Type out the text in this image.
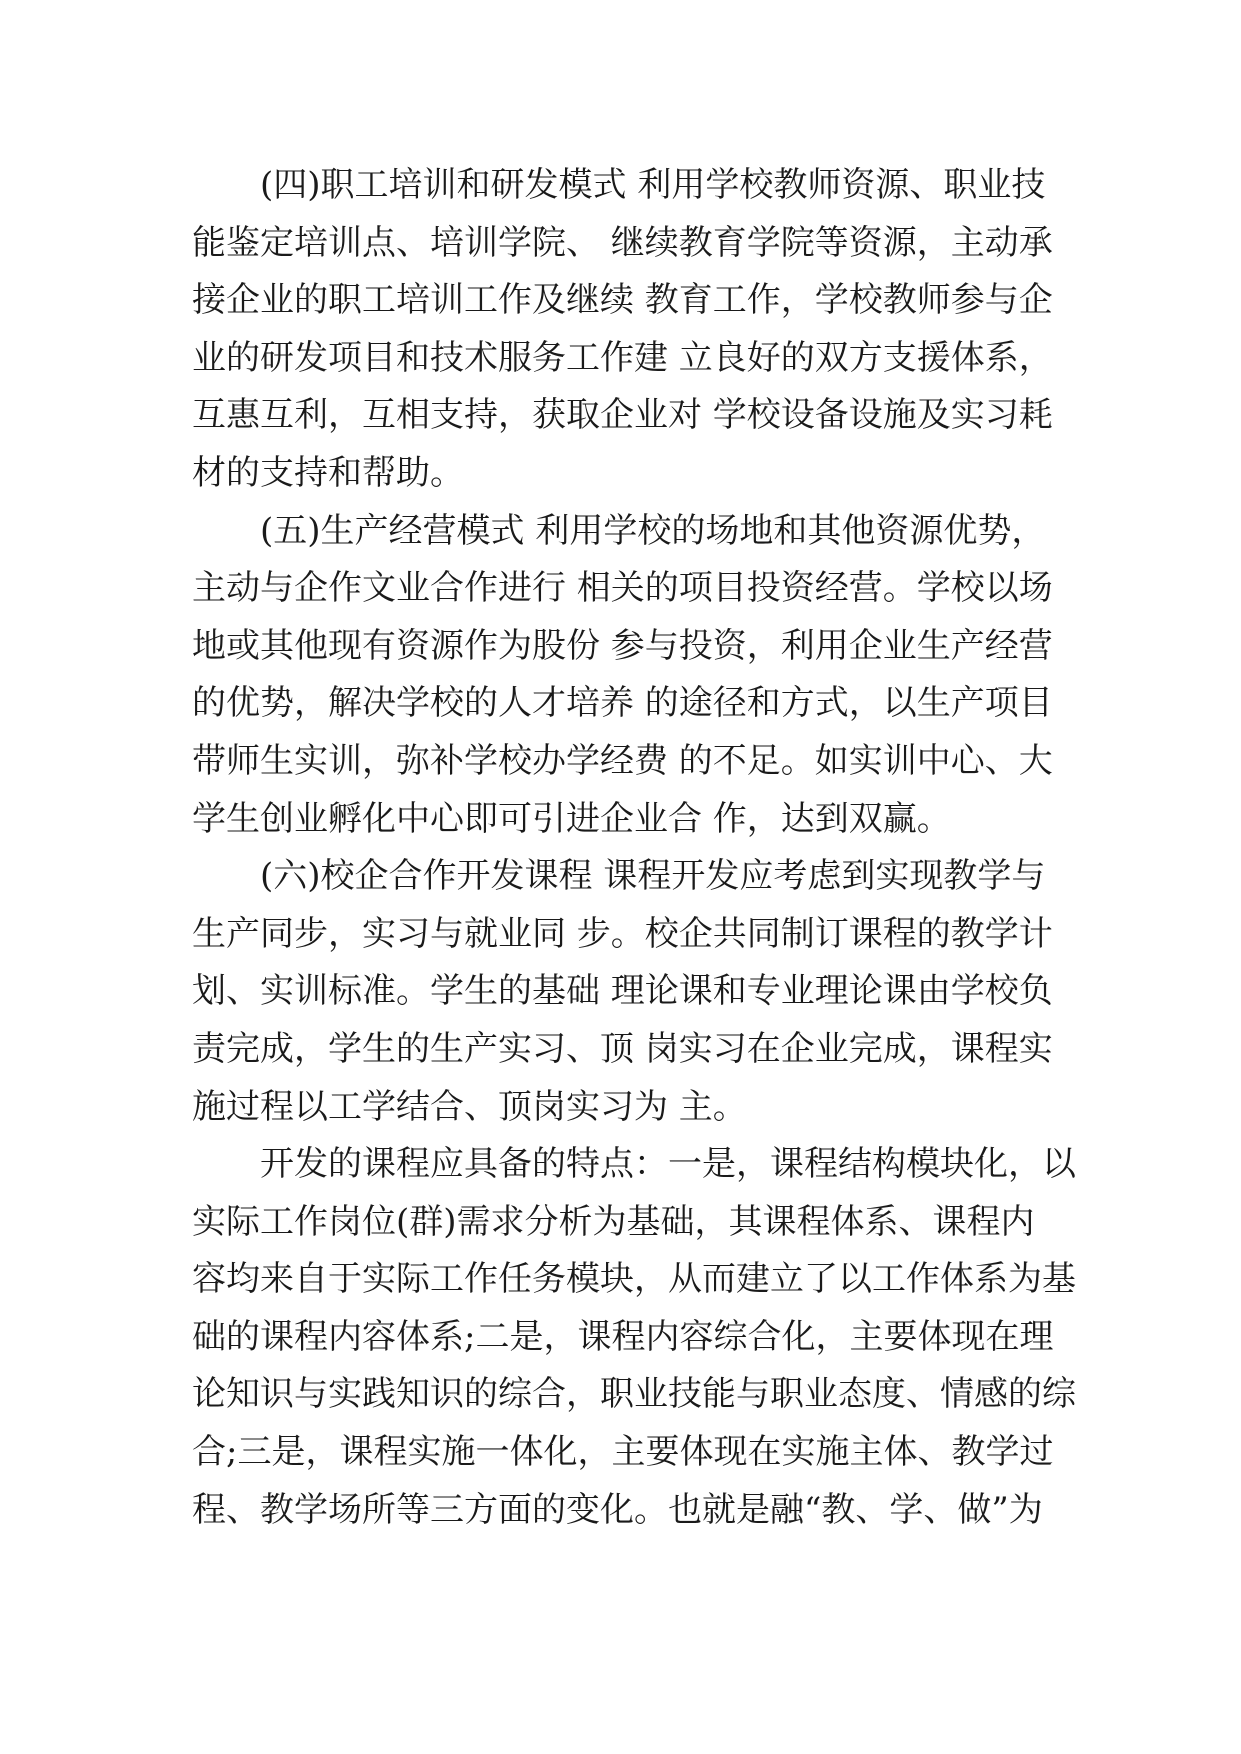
(四)职工培训和研发模式 利用学校教师资源、职业技
能鉴定培训点、培训学院、 继续教育学院等资源，主动承
接企业的职工培训工作及继续 教育工作，学校教师参与企
业的研发项目和技术服务工作建 立良好的双方支援体系，
互惠互利，互相支持，获取企业对 学校设备设施及实习耗
材的支持和帮助。
(五)生产经营模式 利用学校的场地和其他资源优势，
主动与企作文业合作进行 相关的项目投资经营。学校以场
地或其他现有资源作为股份 参与投资，利用企业生产经营
的优势，解决学校的人才培养 的途径和方式，以生产项目
带师生实训，弥补学校办学经费 的不足。如实训中心、大
学生创业孵化中心即可引进企业合 作，达到双赢。
(六)校企合作开发课程 课程开发应考虑到实现教学与
生产同步，实习与就业同 步。校企共同制订课程的教学计
划、实训标准。学生的基础 理论课和专业理论课由学校负
责完成，学生的生产实习、顶 岗实习在企业完成，课程实
施过程以工学结合、顶岗实习为 主。
开发的课程应具备的特点：一是，课程结构模块化，以
实际工作岗位(群)需求分析为基础，其课程体系、课程内
容均来自于实际工作任务模块，从而建立了以工作体系为基
础的课程内容体系;二是，课程内容综合化，主要体现在理
论知识与实践知识的综合，职业技能与职业态度、情感的综
合;三是，课程实施一体化，主要体现在实施主体、教学过
程、教学场所等三方面的变化。也就是融“教、学、做”为
